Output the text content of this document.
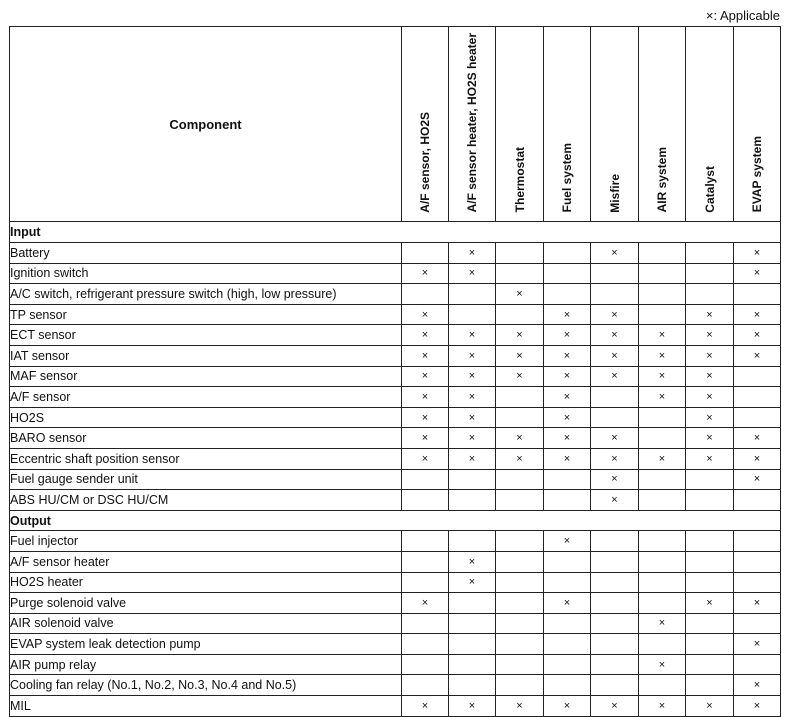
×: Applicable
Component	A/F sensor, HO2S	A/F sensor heater, HO2S heater	Thermostat	Fuel system	Misfire	AIR system	Catalyst	EVAP system
Input								
Battery		×			×			×
Ignition switch	×	×						×
A/C switch, refrigerant pressure switch (high, low pressure)			×					
TP sensor	×			×	×		×	×
ECT sensor	×	×	×	×	×	×	×	×
IAT sensor	×	×	×	×	×	×	×	×
MAF sensor	×	×	×	×	×	×	×	
A/F sensor	×	×		×		×	×	
HO2S	×	×		×			×	
BARO sensor	×	×	×	×	×		×	×
Eccentric shaft position sensor	×	×	×	×	×	×	×	×
Fuel gauge sender unit					×			×
ABS HU/CM or DSC HU/CM					×			
Output								
Fuel injector				×				
A/F sensor heater		×						
HO2S heater		×						
Purge solenoid valve	×			×			×	×
AIR solenoid valve						×		
EVAP system leak detection pump								×
AIR pump relay						×		
Cooling fan relay (No.1, No.2, No.3, No.4 and No.5)								×
MIL	×	×	×	×	×	×	×	×
